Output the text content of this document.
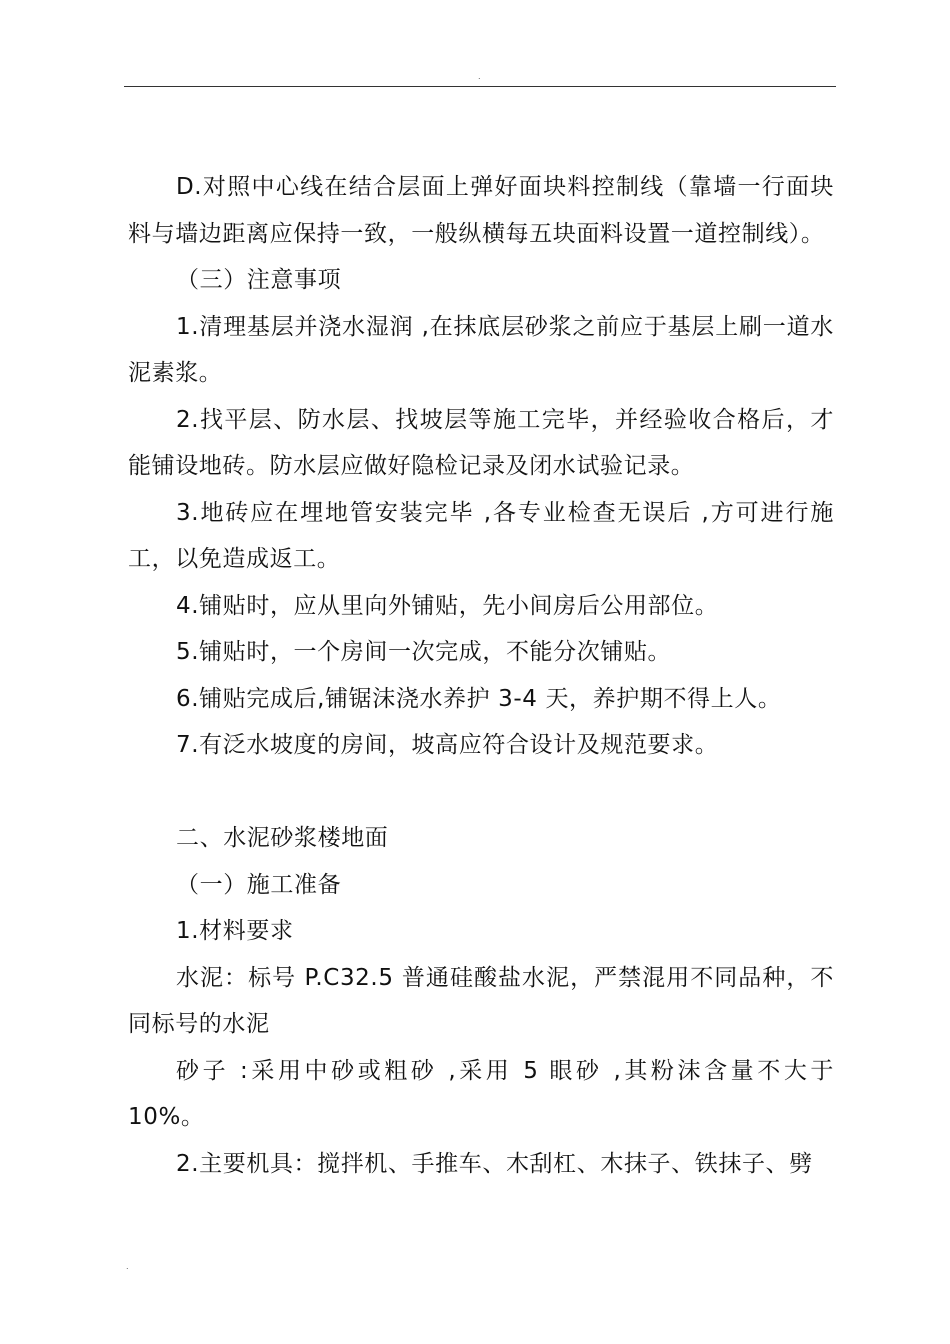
.

D.对照中心线在结合层面上弹好面块料控制线（靠墙一行面块料与墙边距离应保持一致，一般纵横每五块面料设置一道控制线）。

（三）注意事项

1.清理基层并浇水湿润 ,在抹底层砂浆之前应于基层上刷一道水泥素浆。

2.找平层、防水层、找坡层等施工完毕，并经验收合格后，才能铺设地砖。防水层应做好隐检记录及闭水试验记录。

3.地砖应在埋地管安装完毕 ,各专业检查无误后 ,方可进行施工，以免造成返工。

4.铺贴时，应从里向外铺贴，先小间房后公用部位。

5.铺贴时，一个房间一次完成，不能分次铺贴。

6.铺贴完成后,铺锯沫浇水养护 3-4 天，养护期不得上人。

7.有泛水坡度的房间，坡高应符合设计及规范要求。

二、水泥砂浆楼地面

（一）施工准备

1.材料要求

水泥：标号 P.C32.5 普通硅酸盐水泥，严禁混用不同品种，不同标号的水泥

砂子 :采用中砂或粗砂 ,采用 5 眼砂 ,其粉沫含量不大于 10%。

2.主要机具：搅拌机、手推车、木刮杠、木抹子、铁抹子、劈

.
